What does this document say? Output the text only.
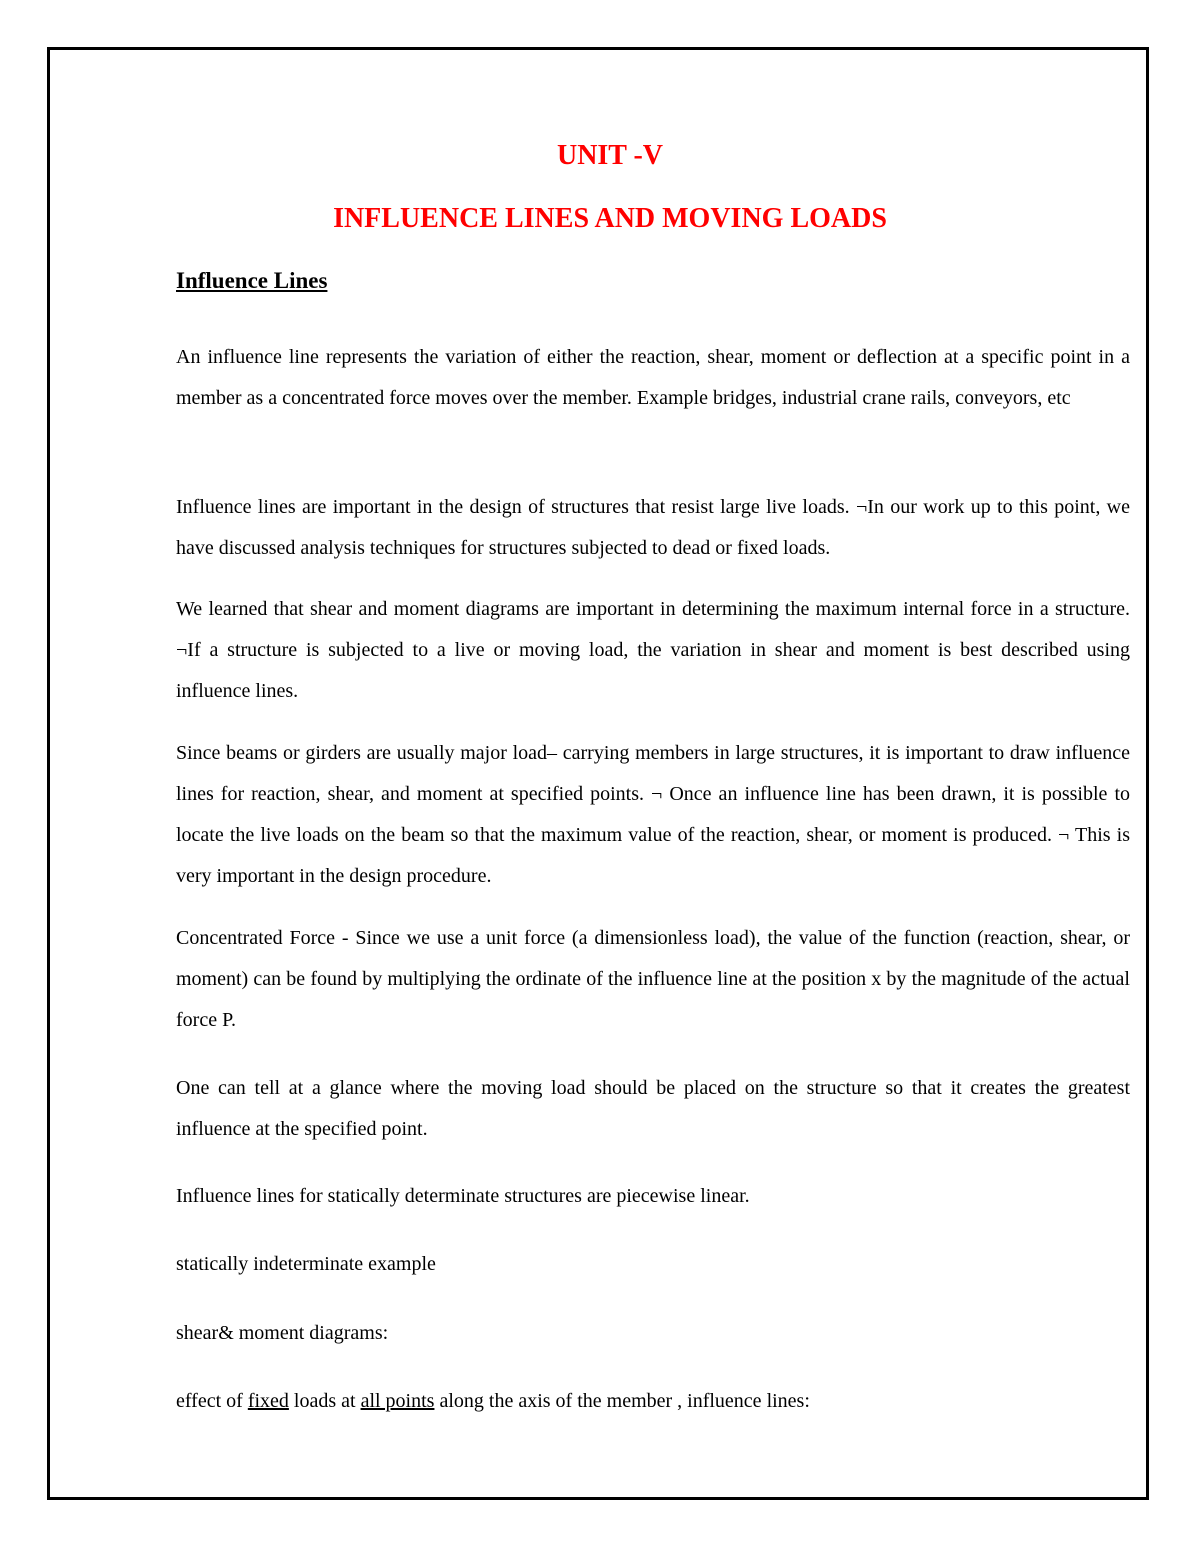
UNIT -V
INFLUENCE LINES AND MOVING LOADS
Influence Lines

An influence line represents the variation of either the reaction, shear, moment or deflection at a specific point in a member as a concentrated force moves over the member. Example bridges, industrial crane rails, conveyors, etc

Influence lines are important in the design of structures that resist large live loads. ¬In our work up to this point, we have discussed analysis techniques for structures subjected to dead or fixed loads.

We learned that shear and moment diagrams are important in determining the maximum internal force in a structure. ¬If a structure is subjected to a live or moving load, the variation in shear and moment is best described using influence lines.

Since beams or girders are usually major load– carrying members in large structures, it is important to draw influence lines for reaction, shear, and moment at specified points. ¬ Once an influence line has been drawn, it is possible to locate the live loads on the beam so that the maximum value of the reaction, shear, or moment is produced. ¬ This is very important in the design procedure.

Concentrated Force - Since we use a unit force (a dimensionless load), the value of the function (reaction, shear, or moment) can be found by multiplying the ordinate of the influence line at the position x by the magnitude of the actual force P.

One can tell at a glance where the moving load should be placed on the structure so that it creates the greatest influence at the specified point.

Influence lines for statically determinate structures are piecewise linear.

statically indeterminate example

shear& moment diagrams:

effect of fixed loads at all points along the axis of the member , influence lines:
